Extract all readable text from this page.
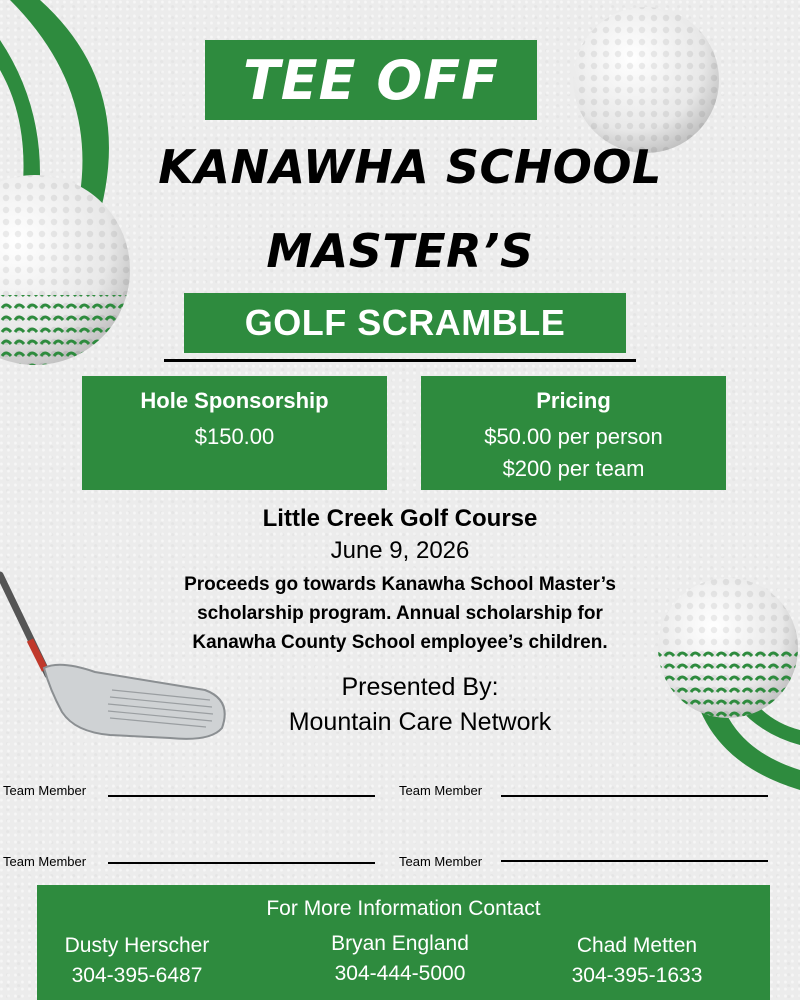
TEE OFF
KANAWHA SCHOOL
MASTER’S
GOLF SCRAMBLE
Hole Sponsorship
$150.00
Pricing
$50.00 per person
$200 per team
Little Creek Golf Course
June 9, 2026
Proceeds go towards Kanawha School Master’s
scholarship program. Annual scholarship for
Kanawha County School employee’s children.
Presented By:
Mountain Care Network
Team Member	Team Member
Team Member	Team Member
For More Information Contact
Dusty Herscher
304-395-6487
Bryan England
304-444-5000
Chad Metten
304-395-1633
